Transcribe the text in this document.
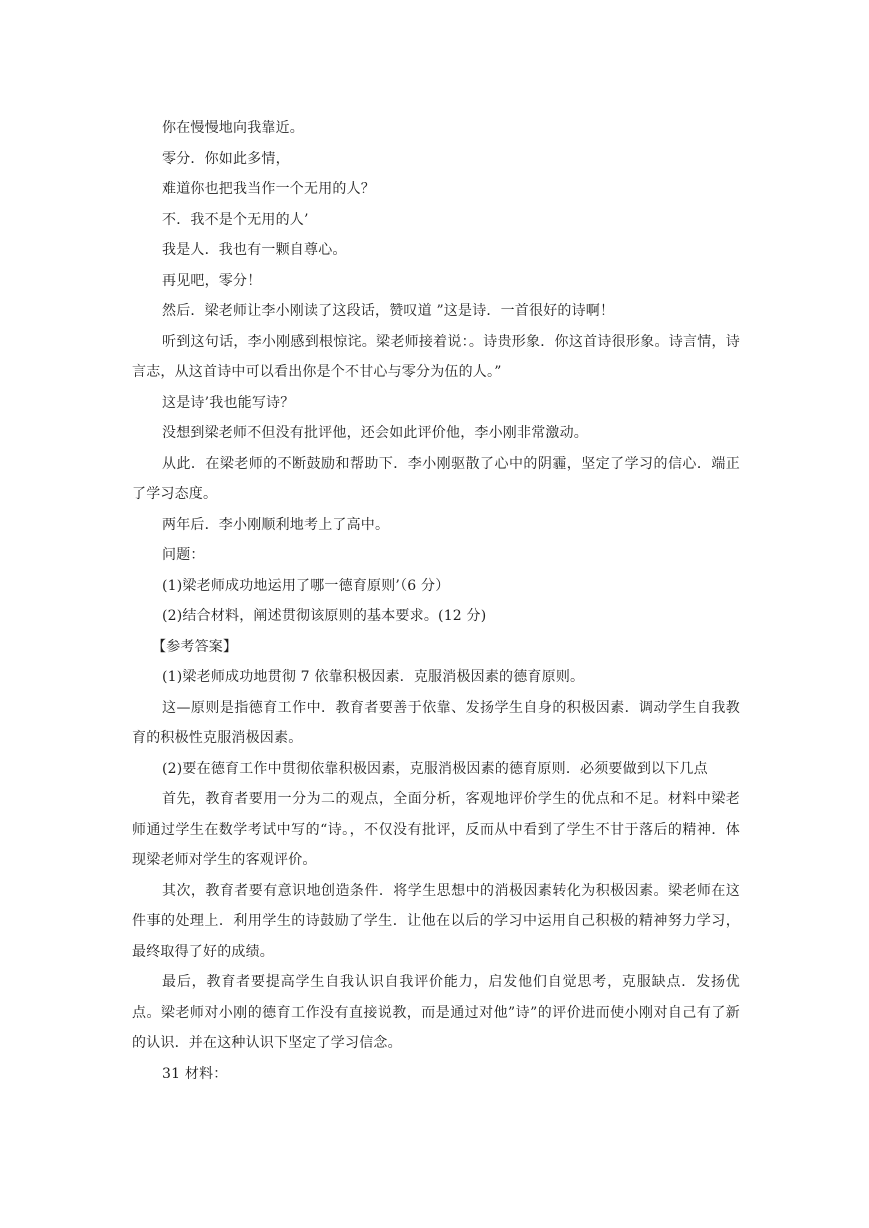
你在慢慢地向我靠近。

零分．你如此多情，

难道你也把我当作一个无用的人？

不．我不是个无用的人’

我是人．我也有一颗自尊心。

再见吧，零分！

然后．梁老师让李小刚读了这段话，赞叹道 ”这是诗．一首很好的诗啊！

听到这句话，李小刚感到根惊诧。梁老师接着说：。诗贵形象．你这首诗很形象。诗言情，诗言志，从这首诗中可以看出你是个不甘心与零分为伍的人。”

这是诗’我也能写诗？

没想到梁老师不但没有批评他，还会如此评价他，李小刚非常激动。

从此．在梁老师的不断鼓励和帮助下．李小刚驱散了心中的阴霾，坚定了学习的信心．端正了学习态度。

两年后．李小刚顺利地考上了高中。

问题：

(1)梁老师成功地运用了哪一德育原则’（6 分）

(2)结合材料，阐述贯彻该原则的基本要求。(12 分)

【参考答案】

(1)梁老师成功地贯彻 7 依靠积极因素．克服消极因素的德育原则。

这—原则是指德育工作中．教育者要善于依靠、发扬学生自身的积极因素．调动学生自我教育的积极性克服消极因素。

(2)要在德育工作中贯彻依靠积极因素，克服消极因素的德育原则．必须要做到以下几点

首先，教育者要用一分为二的观点，全面分析，客观地评价学生的优点和不足。材料中梁老师通过学生在数学考试中写的“诗。，不仅没有批评，反而从中看到了学生不甘于落后的精神．体现梁老师对学生的客观评价。

其次，教育者要有意识地创造条件．将学生思想中的消极因素转化为积极因素。梁老师在这件事的处理上．利用学生的诗鼓励了学生．让他在以后的学习中运用自己积极的精神努力学习，最终取得了好的成绩。

最后，教育者要提高学生自我认识自我评价能力，启发他们自觉思考，克服缺点．发扬优点。梁老师对小刚的德育工作没有直接说教，而是通过对他”诗”的评价进而使小刚对自己有了新的认识．并在这种认识下坚定了学习信念。

31 材料：
